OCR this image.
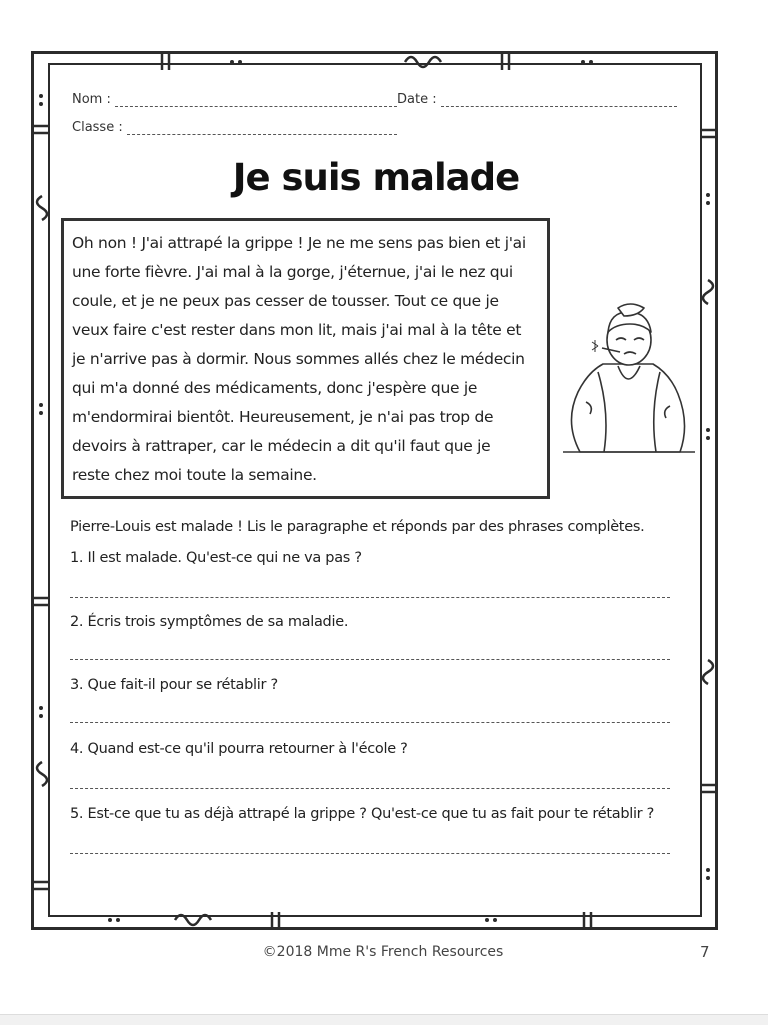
Nom :	Date :
Classe :
Je suis malade
Oh non ! J'ai attrapé la grippe ! Je ne me sens pas bien et j'ai
une forte fièvre. J'ai mal à la gorge, j'éternue, j'ai le nez qui
coule, et je ne peux pas cesser de tousser. Tout ce que je
veux faire c'est rester dans mon lit, mais j'ai mal à la tête et
je n'arrive pas à dormir. Nous sommes allés chez le médecin
qui m'a donné des médicaments, donc j'espère que je
m'endormirai bientôt. Heureusement, je n'ai pas trop de
devoirs à rattraper, car le médecin a dit qu'il faut que je
reste chez moi toute la semaine.
Pierre-Louis est malade ! Lis le paragraphe et réponds par des phrases complètes.
1. Il est malade. Qu'est-ce qui ne va pas ?
2. Écris trois symptômes de sa maladie.
3. Que fait-il pour se rétablir ?
4. Quand est-ce qu'il pourra retourner à l'école ?
5. Est-ce que tu as déjà attrapé la grippe ? Qu'est-ce que tu as fait pour te rétablir ?
©2018 Mme R's French Resources	7
